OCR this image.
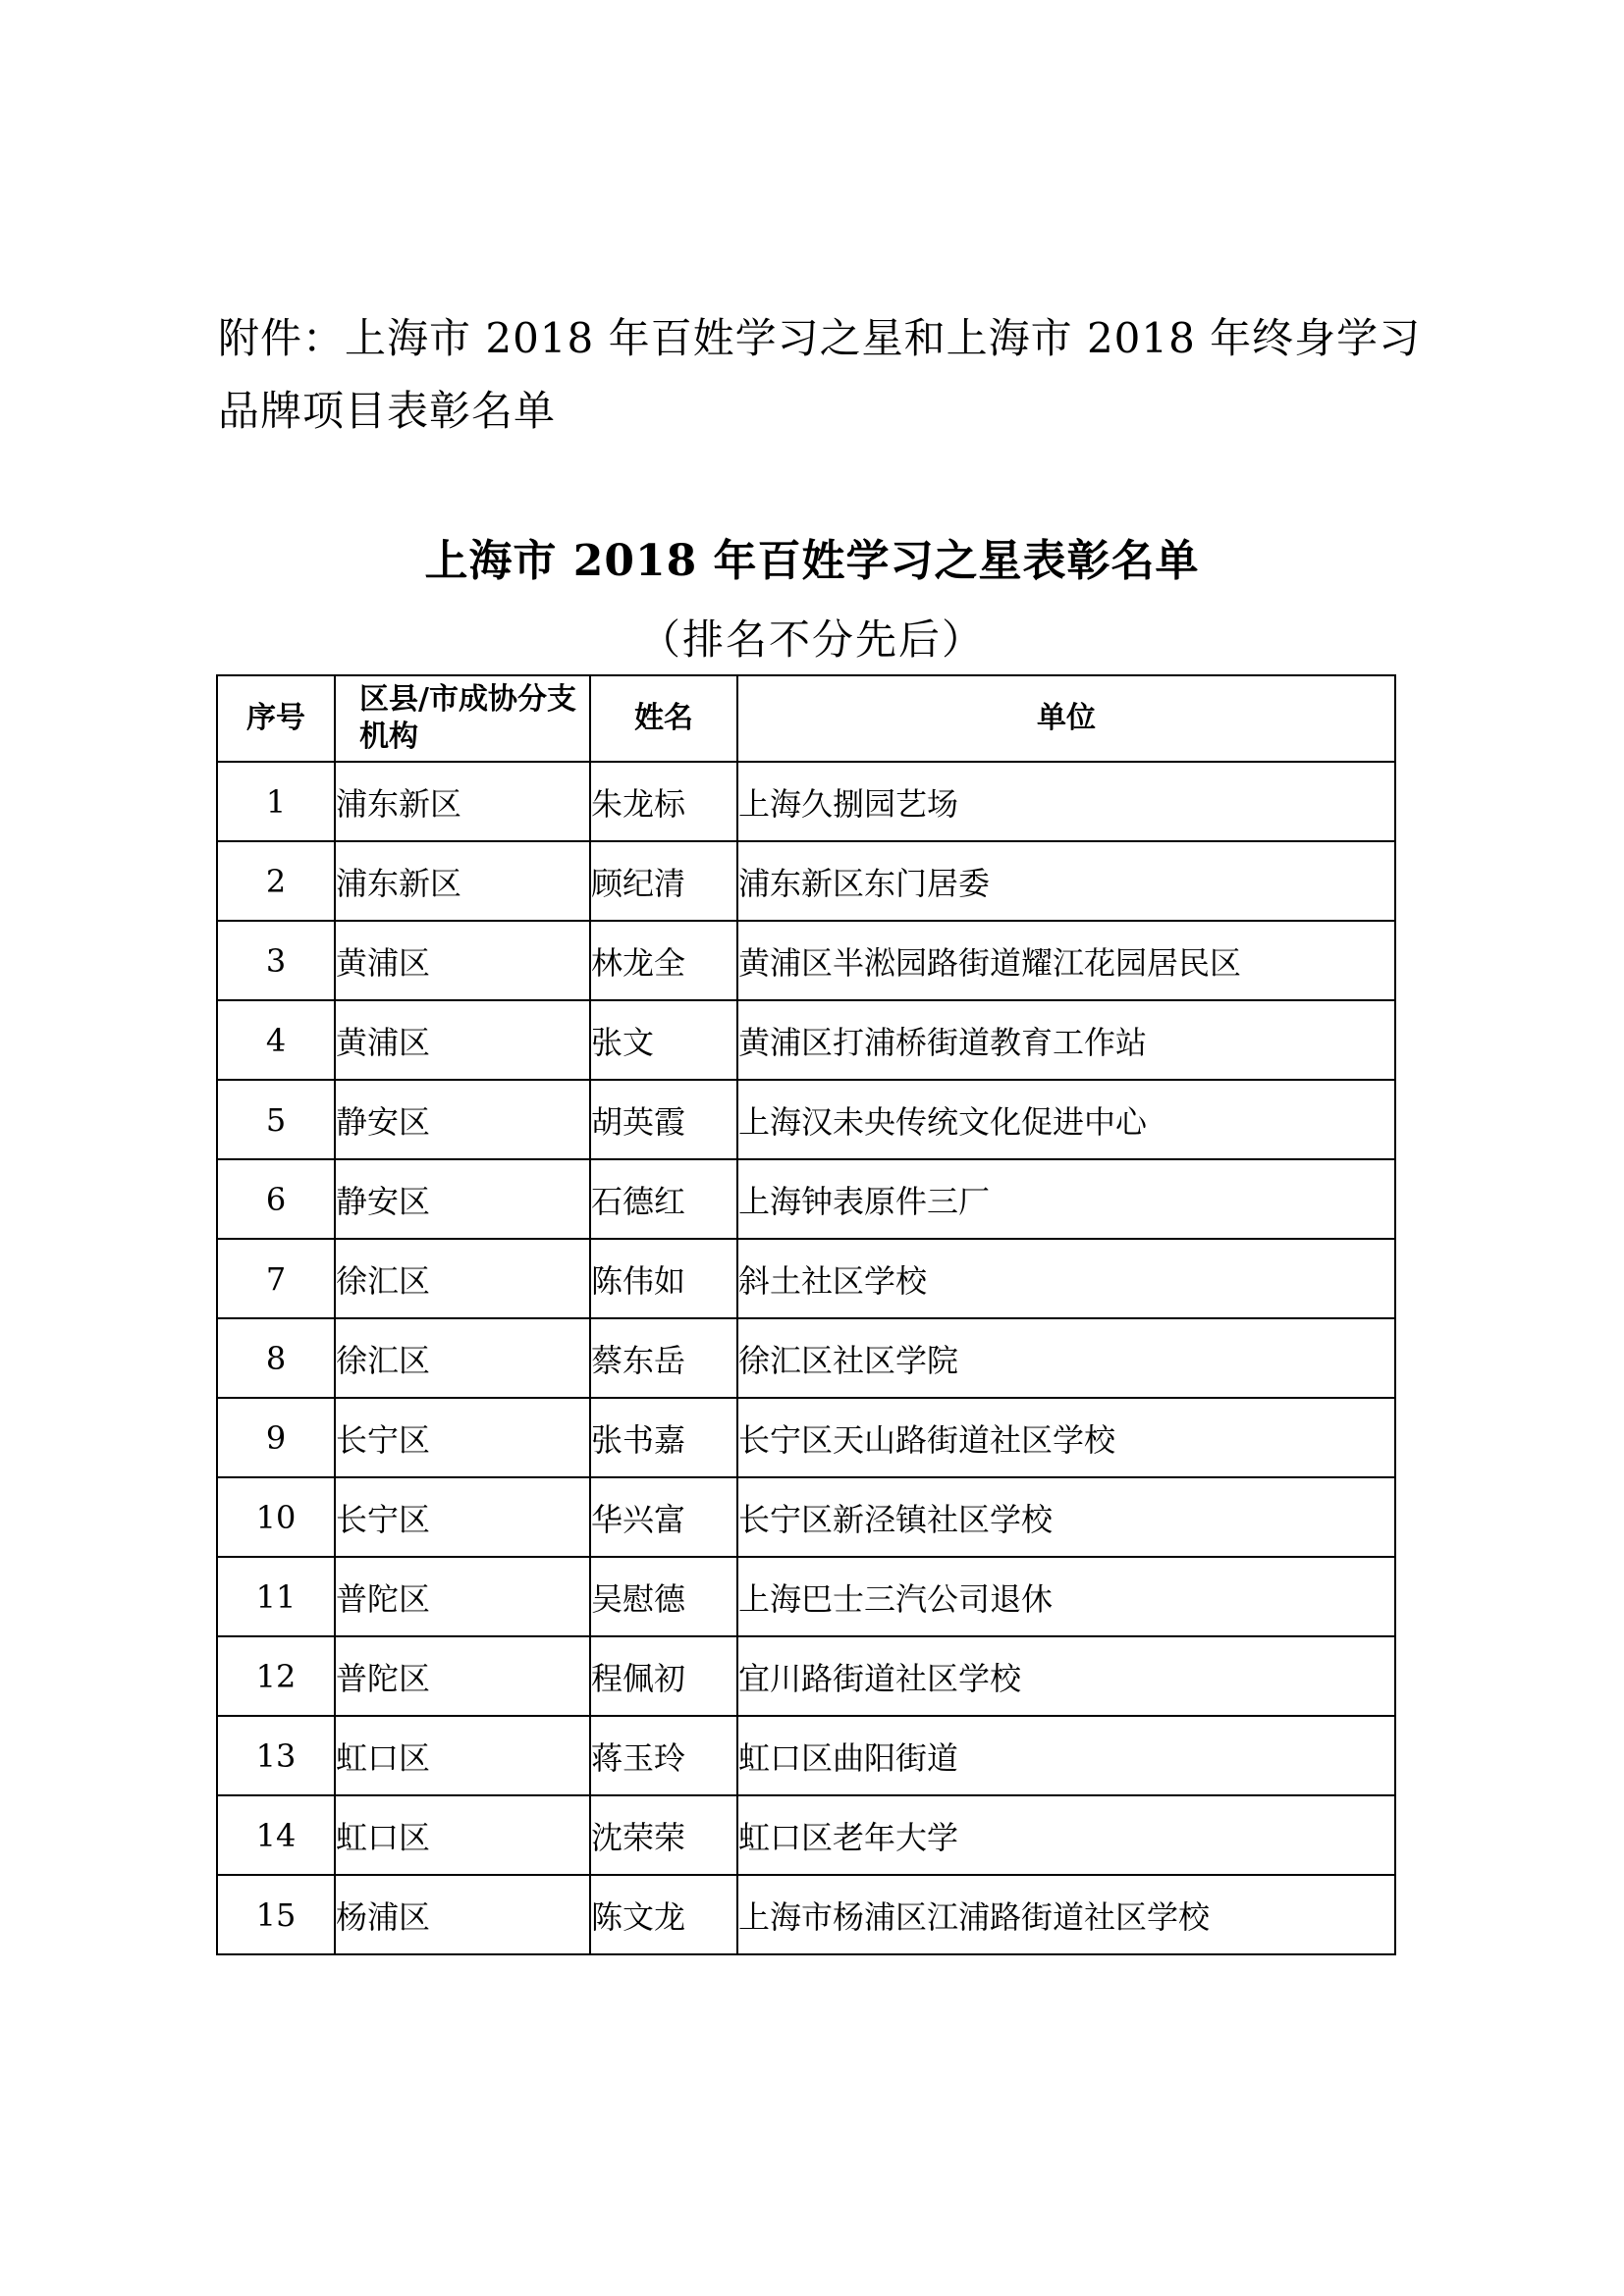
附件：上海市 2018 年百姓学习之星和上海市 2018 年终身学习品牌项目表彰名单
上海市 2018 年百姓学习之星表彰名单
（排名不分先后）
序号	区县/市成协分支机构	姓名	单位
1	浦东新区	朱龙标	上海久捌园艺场
2	浦东新区	顾纪清	浦东新区东门居委
3	黄浦区	林龙全	黄浦区半淞园路街道耀江花园居民区
4	黄浦区	张文	黄浦区打浦桥街道教育工作站
5	静安区	胡英霞	上海汉未央传统文化促进中心
6	静安区	石德红	上海钟表原件三厂
7	徐汇区	陈伟如	斜土社区学校
8	徐汇区	蔡东岳	徐汇区社区学院
9	长宁区	张书嘉	长宁区天山路街道社区学校
10	长宁区	华兴富	长宁区新泾镇社区学校
11	普陀区	吴慰德	上海巴士三汽公司退休
12	普陀区	程佩初	宜川路街道社区学校
13	虹口区	蒋玉玲	虹口区曲阳街道
14	虹口区	沈荣荣	虹口区老年大学
15	杨浦区	陈文龙	上海市杨浦区江浦路街道社区学校
